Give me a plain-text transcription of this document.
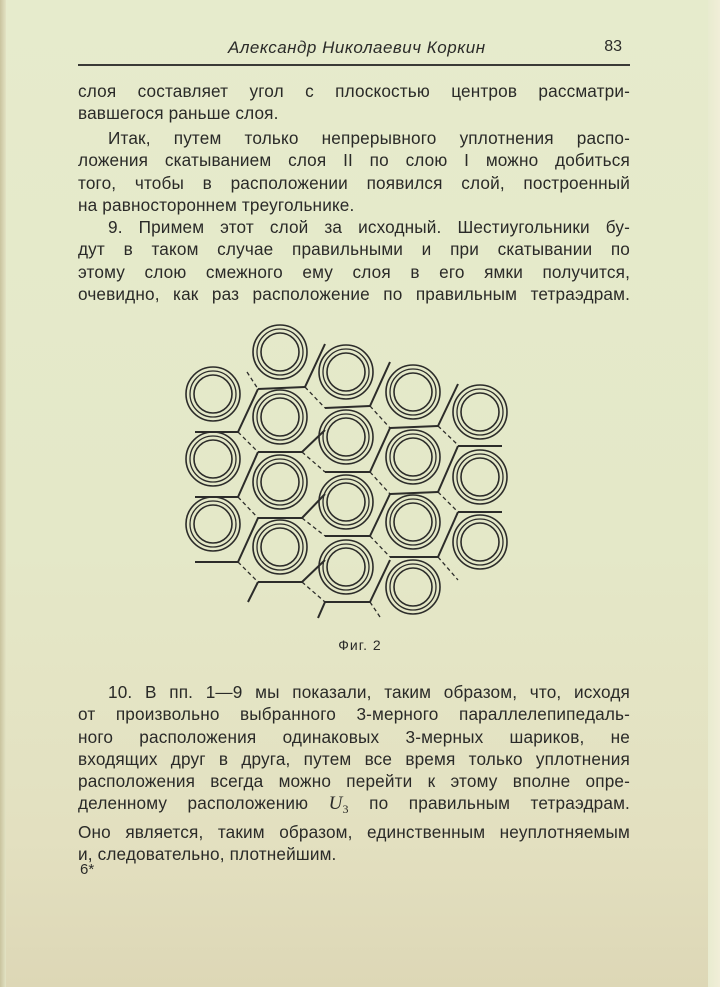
Александр Николаевич Коркин	83
слоя составляет угол с плоскостью центров рассматри-
вавшегося раньше слоя.
Итак, путем только непрерывного уплотнения распо-
ложения скатыванием слоя II по слою I можно добиться
того, чтобы в расположении появился слой, построенный
на равностороннем треугольнике.
9. Примем этот слой за исходный. Шестиугольники бу-
дут в таком случае правильными и при скатывании по
этому слою смежного ему слоя в его ямки получится,
очевидно, как раз расположение по правильным тетраэдрам.
Фиг. 2
10. В пп. 1—9 мы показали, таким образом, что, исходя
от произвольно выбранного 3-мерного параллелепипедаль-
ного расположения одинаковых 3-мерных шариков, не
входящих друг в друга, путем все время только уплотнения
расположения всегда можно перейти к этому вполне опре-
деленному расположению $U_3$ по правильным тетраэдрам.
Оно является, таким образом, единственным неуплотняемым
и, следовательно, плотнейшим.
6*
